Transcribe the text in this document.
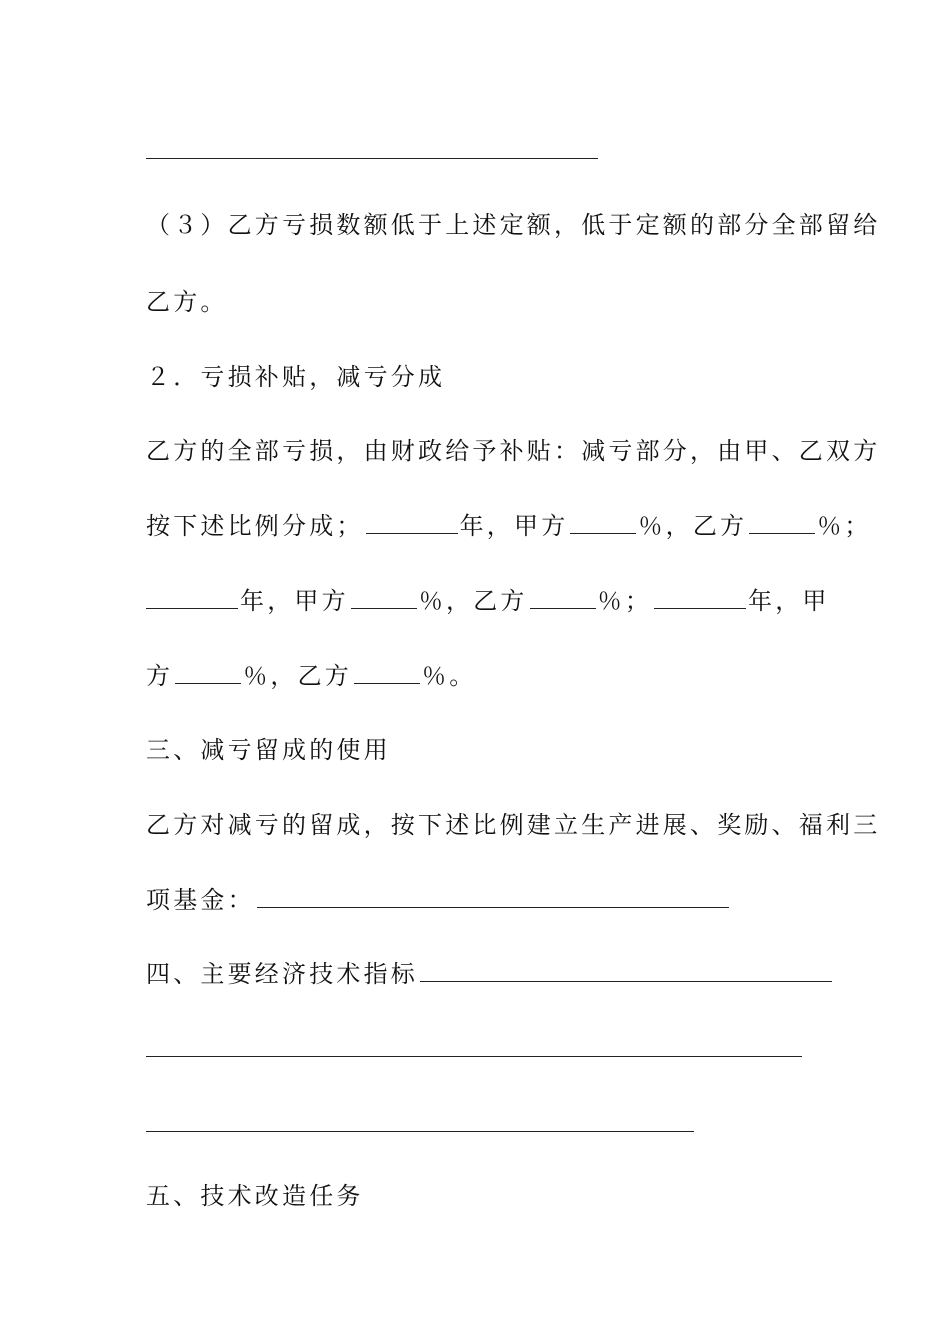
（３）乙方亏损数额低于上述定额，低于定额的部分全部留给
乙方。
２．亏损补贴，减亏分成
乙方的全部亏损，由财政给予补贴：减亏部分，由甲、乙双方
按下述比例分成；	年，甲方	％，乙方	％；
年，甲方	％，乙方	％；	年，甲
方	％，乙方	％。
三、减亏留成的使用
乙方对减亏的留成，按下述比例建立生产进展、奖励、福利三
项基金：
四、主要经济技术指标
五、技术改造任务
